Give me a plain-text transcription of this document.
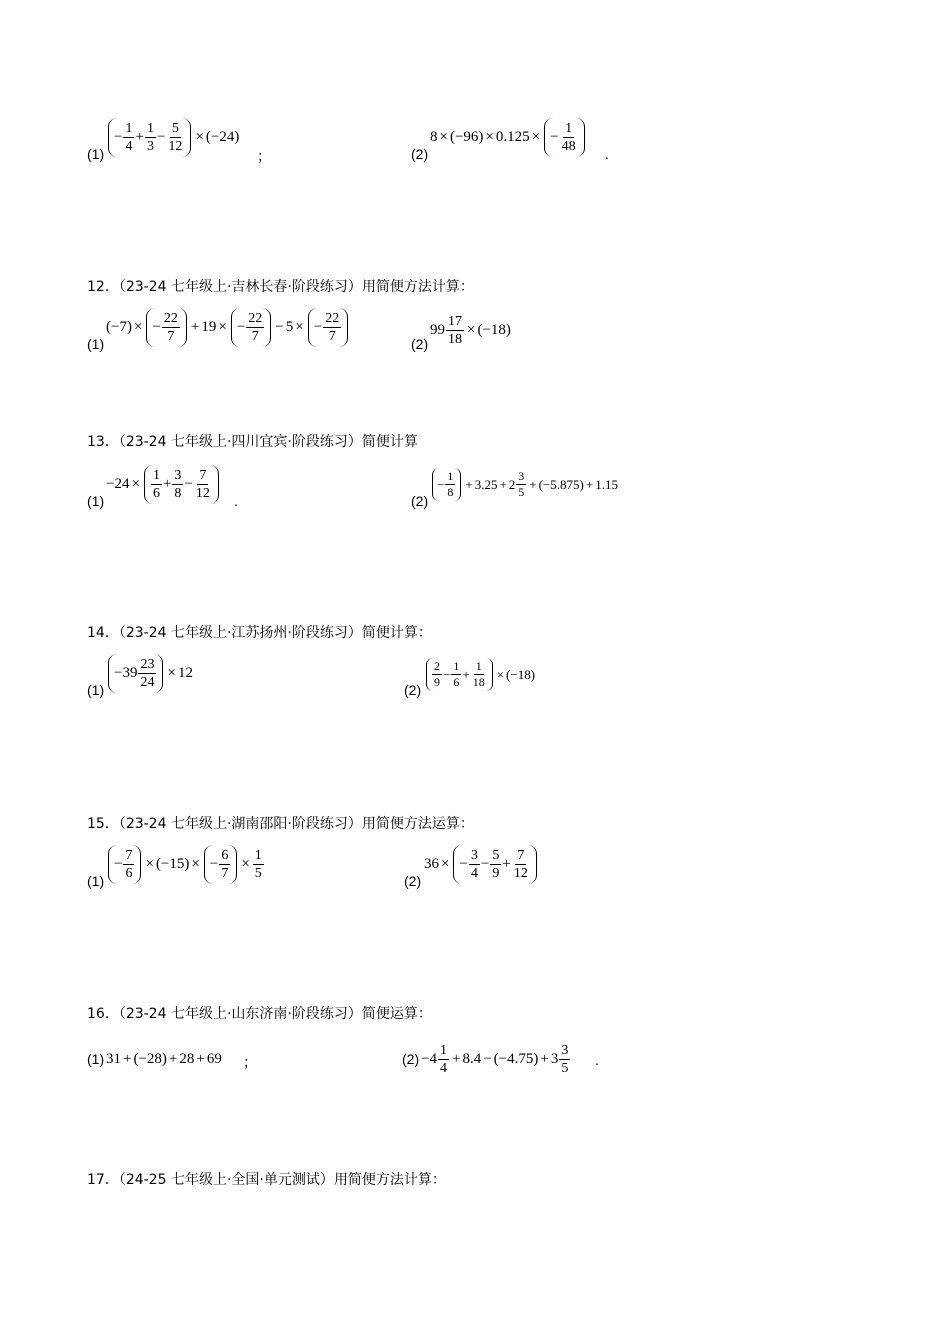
(1)
− $\frac{1}{4} + \frac{1}{3} - \frac{5}{12} \times (-24)$
；	(2)
8 × (−96) × 0.125 × − $\frac{1}{48}$ .
12．（23-24 七年级上·吉林长春·阶段练习）用简便方法计算：
(1)
(−7) × − $\frac{22}{7} + 19$ × − $\frac{22}{7} - 5$ × − $\frac{22}{7}$	(2)
$99 \frac{17}{18} \times (-18)$
13．（23-24 七年级上·四川宜宾·阶段练习）简便计算
(1)
$-24 \times \frac{1}{6} + \frac{3}{8} - \frac{7}{12}$ .	(2)
− $\frac{1}{8} + 3.25 + 2 \frac{3}{5} + (-5.875) + 1.15$
14．（23-24 七年级上·江苏扬州·阶段练习）简便计算：
(1)
$-39 \frac{23}{24} \times 12$
$(2) \frac{2}{9} - \frac{1}{6} + \frac{1}{18} \times (-18)$
15．（23-24 七年级上·湖南邵阳·阶段练习）用简便方法运算：
(1)
− $\frac{7}{6} \times (-15)$ × − $\frac{6}{7} \times \frac{1}{5}$	(2)
36 × − $\frac{3}{4} - \frac{5}{9} + \frac{7}{12}$
16．（23-24 七年级上·山东济南·阶段练习）简便运算：
(1) 31 + (−28) + 28 + 69 ；	$(2) -4 \frac{1}{4} + 8.4 - (-4.75) + 3 \frac{3}{5}$ .
17．（24-25 七年级上·全国·单元测试）用简便方法计算：
